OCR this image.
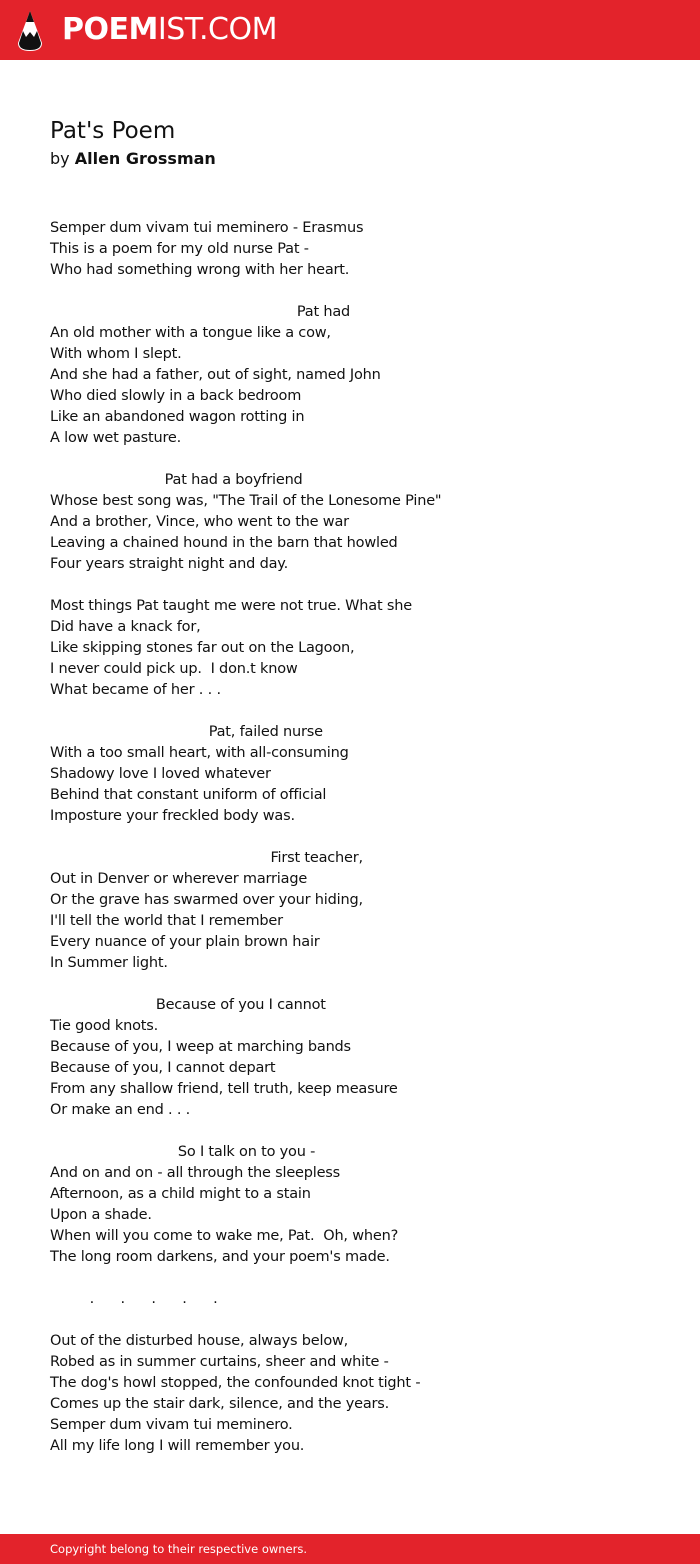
POEMIST.COM
Pat's Poem
by Allen Grossman
Semper dum vivam tui meminero - Erasmus
This is a poem for my old nurse Pat -
Who had something wrong with her heart.
Pat had
An old mother with a tongue like a cow,
With whom I slept.
And she had a father, out of sight, named John
Who died slowly in a back bedroom
Like an abandoned wagon rotting in
A low wet pasture.
Pat had a boyfriend
Whose best song was, "The Trail of the Lonesome Pine"
And a brother, Vince, who went to the war
Leaving a chained hound in the barn that howled
Four years straight night and day.
Most things Pat taught me were not true. What she
Did have a knack for,
Like skipping stones far out on the Lagoon,
I never could pick up.  I don.t know
What became of her . . .
Pat, failed nurse
With a too small heart, with all-consuming
Shadowy love I loved whatever
Behind that constant uniform of official
Imposture your freckled body was.
First teacher,
Out in Denver or wherever marriage
Or the grave has swarmed over your hiding,
I'll tell the world that I remember
Every nuance of your plain brown hair
In Summer light.
Because of you I cannot
Tie good knots.
Because of you, I weep at marching bands
Because of you, I cannot depart
From any shallow friend, tell truth, keep measure
Or make an end . . .
So I talk on to you -
And on and on - all through the sleepless
Afternoon, as a child might to a stain
Upon a shade.
When will you come to wake me, Pat.  Oh, when?
The long room darkens, and your poem's made.
.      .      .      .      .
Out of the disturbed house, always below,
Robed as in summer curtains, sheer and white -
The dog's howl stopped, the confounded knot tight -
Comes up the stair dark, silence, and the years.
Semper dum vivam tui meminero.
All my life long I will remember you.
Copyright belong to their respective owners.
